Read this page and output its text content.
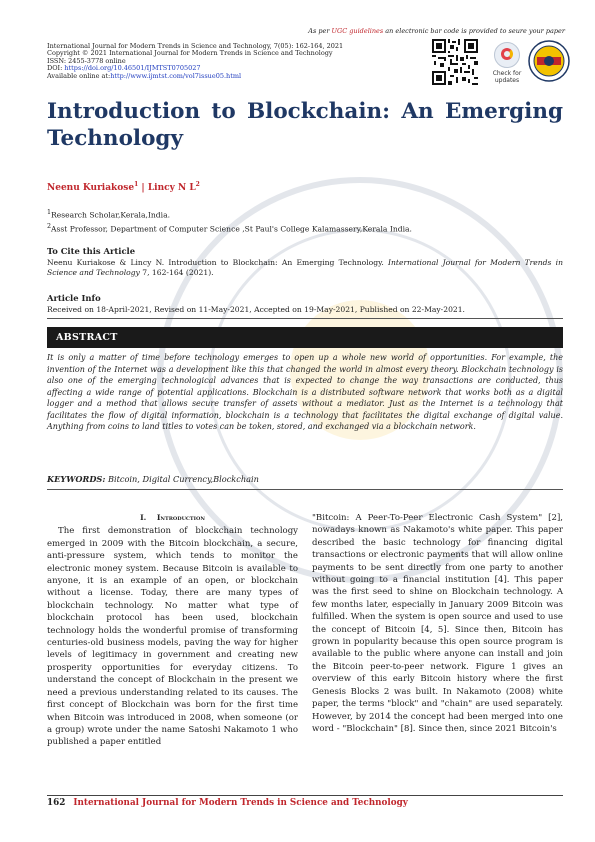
As per UGC guidelines an electronic bar code is provided to seure your paper
International Journal for Modern Trends in Science and Technology, 7(05): 162-164, 2021
Copyright © 2021 International Journal for Modern Trends in Science and Technology
ISSN: 2455-3778 online
DOI: https://doi.org/10.46501/IJMTST0705027
Available online at:http://www.ijmtst.com/vol7issue05.html	Check for
updates
Introduction to Blockchain: An Emerging Technology
Neenu Kuriakose$^1$ | Lincy N $L^2$
$^1$Research Scholar,Kerala,India.
$^2$Asst Professor, Department of Computer Science ,St Paul's College Kalamassery,Kerala India.
To Cite this Article
Neenu Kuriakose & Lincy N. Introduction to Blockchain: An Emerging Technology. International Journal for Modern Trends in Science and Technology 7, 162-164 (2021).
Article Info
Received on 18-April-2021, Revised on 11-May-2021, Accepted on 19-May-2021, Published on 22-May-2021.
ABSTRACT
It is only a matter of time before technology emerges to open up a whole new world of opportunities. For example, the invention of the Internet was a development like this that changed the world in almost every theory. Blockchain technology is also one of the emerging technological advances that is expected to change the way transactions are conducted, thus affecting a wide range of potential applications. Blockchain is a distributed software network that works both as a digital logger and a method that allows secure transfer of assets without a mediator. Just as the Internet is a technology that facilitates the flow of digital information, blockchain is a technology that facilitates the digital exchange of digital value. Anything from coins to land titles to votes can be token, stored, and exchanged via a blockchain network.
KEYWORDS: Bitcoin, Digital Currency,Blockchain
I. Introduction

The first demonstration of blockchain technology emerged in 2009 with the Bitcoin blockchain, a secure, anti-pressure system, which tends to monitor the electronic money system. Because Bitcoin is available to anyone, it is an example of an open, or blockchain without a license. Today, there are many types of blockchain technology. No matter what type of blockchain protocol has been used, blockchain technology holds the wonderful promise of transforming centuries-old business models, paving the way for higher levels of legitimacy in government and creating new prosperity opportunities for everyday citizens. To understand the concept of Blockchain in the present we need a previous understanding related to its causes. The first concept of Blockchain was born for the first time when Bitcoin was introduced in 2008, when someone (or a group) wrote under the name Satoshi Nakamoto 1 who published a paper entitled

"Bitcoin: A Peer-To-Peer Electronic Cash System" [2], nowadays known as Nakamoto's white paper. This paper described the basic technology for financing digital transactions or electronic payments that will allow online payments to be sent directly from one party to another without going to a financial institution [4]. This paper was the first seed to shine on Blockchain technology. A few months later, especially in January 2009 Bitcoin was fulfilled. When the system is open source and used to use the concept of Bitcoin [4, 5]. Since then, Bitcoin has grown in popularity because this open source program is available to the public where anyone can install and join the Bitcoin peer-to-peer network. Figure 1 gives an overview of this early Bitcoin history where the first Genesis Blocks 2 was built. In Nakamoto (2008) white paper, the terms "block" and "chain" are used separately. However, by 2014 the concept had been merged into one word - "Blockchain" [8]. Since then, since 2021 Bitcoin's

162 International Journal for Modern Trends in Science and Technology
